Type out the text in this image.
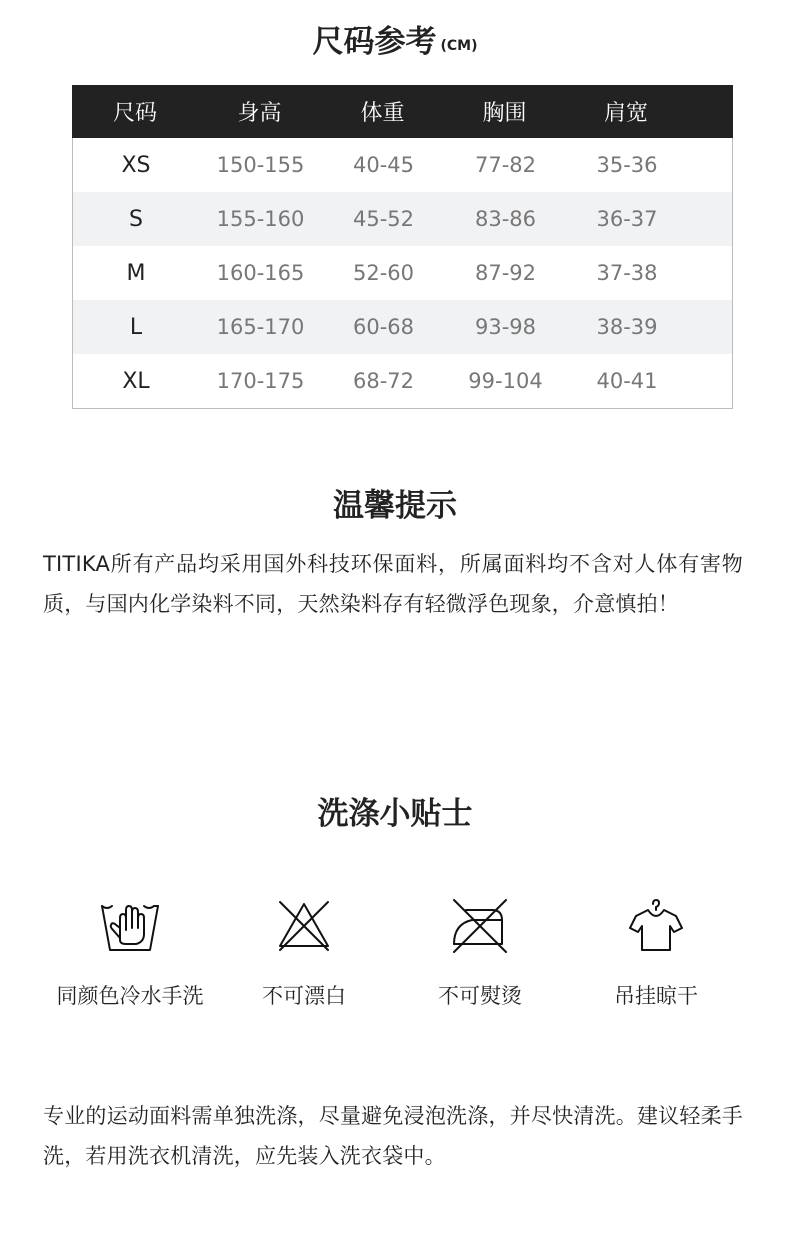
尺码参考 (CM)
尺码	身高	体重	胸围	肩宽
XS	150-155	40-45	77-82	35-36
S	155-160	45-52	83-86	36-37
M	160-165	52-60	87-92	37-38
L	165-170	60-68	93-98	38-39
XL	170-175	68-72	99-104	40-41
温馨提示
TITIKA所有产品均采用国外科技环保面料，所属面料均不含对人体有害物质，与国内化学染料不同，天然染料存有轻微浮色现象，介意慎拍！
洗涤小贴士
同颜色冷水手洗	不可漂白	不可熨烫	吊挂晾干
专业的运动面料需单独洗涤，尽量避免浸泡洗涤，并尽快清洗。建议轻柔手洗，若用洗衣机清洗，应先装入洗衣袋中。
